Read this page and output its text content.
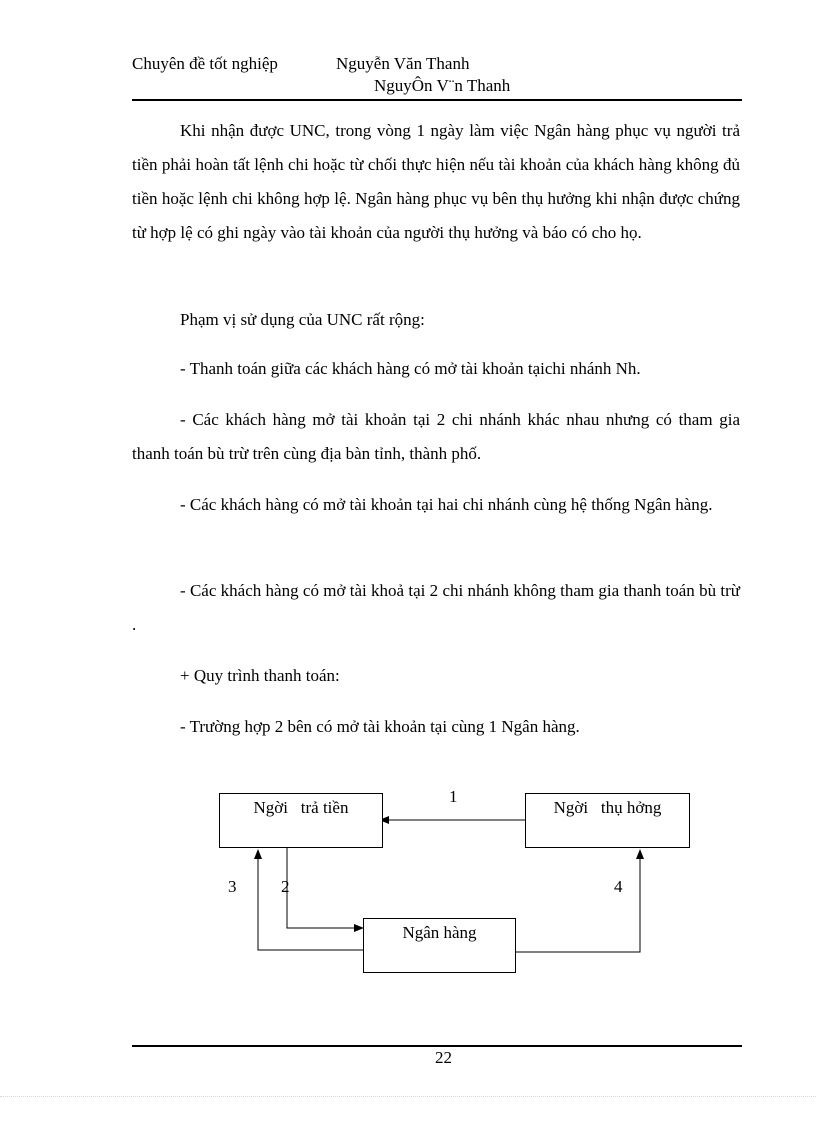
Chuyên đề tốt nghiệp	Nguyễn Văn Thanh
NguyÔn V¨n Thanh
Khi nhận được UNC, trong vòng 1 ngày làm việc Ngân hàng phục vụ người trả tiền phải hoàn tất lệnh chi hoặc từ chối thực hiện nếu tài khoản của khách hàng không đủ tiền hoặc lệnh chi không hợp lệ. Ngân hàng phục vụ bên thụ hưởng khi nhận được chứng từ hợp lệ có ghi ngày vào tài khoản của người thụ hưởng và báo có cho họ.
Phạm vị sử dụng của UNC rất rộng:
- Thanh toán giữa các khách hàng có mở tài khoản tạichi nhánh Nh.
- Các khách hàng mở tài khoản tại 2 chi nhánh khác nhau nhưng có tham gia thanh toán bù trừ trên cùng địa bàn tỉnh, thành phố.
- Các khách hàng có mở tài khoản tại hai chi nhánh cùng hệ thống Ngân hàng.
- Các khách hàng có mở tài khoả tại 2 chi nhánh không tham gia thanh toán bù trừ .
+ Quy trình thanh toán:
- Trường hợp 2 bên có mở tài khoản tại cùng 1 Ngân hàng.
Ngời   trả tiền	Ngời   thụ hởng
Ngân hàng
1
2
3	4
22
